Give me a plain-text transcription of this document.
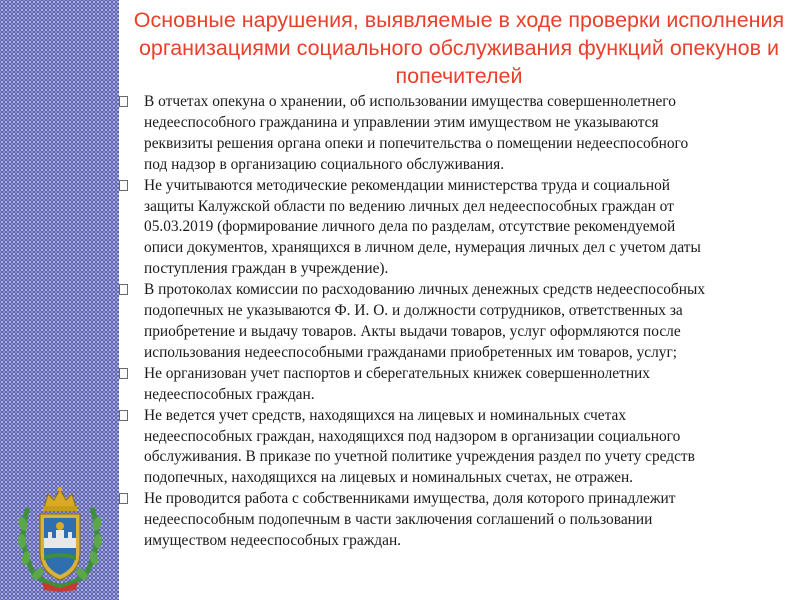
Основные нарушения, выявляемые в ходе проверки исполнения
организациями социального обслуживания функций опекунов и
попечителей
В отчетах опекуна о хранении, об использовании имущества совершеннолетнего
недееспособного гражданина и управлении этим имуществом не указываются
реквизиты решения органа опеки и попечительства о помещении недееспособного
под надзор в организацию социального обслуживания.
Не учитываются методические рекомендации министерства труда и социальной
защиты Калужской области по ведению личных дел недееспособных граждан от
05.03.2019 (формирование личного дела по разделам, отсутствие рекомендуемой
описи документов, хранящихся в личном деле, нумерация личных дел с учетом даты
поступления граждан в учреждение).
В протоколах комиссии по расходованию личных денежных средств недееспособных
подопечных не указываются Ф. И. О. и должности сотрудников, ответственных за
приобретение и выдачу товаров. Акты выдачи товаров, услуг оформляются после
использования недееспособными гражданами приобретенных им товаров, услуг;
Не организован учет паспортов и сберегательных книжек совершеннолетних
недееспособных граждан.
Не ведется учет средств, находящихся на лицевых и номинальных счетах
недееспособных граждан, находящихся под надзором в организации социального
обслуживания. В приказе по учетной политике учреждения раздел по учету средств
подопечных, находящихся на лицевых и номинальных счетах, не отражен.
Не проводится работа с собственниками имущества, доля которого принадлежит
недееспособным подопечным в части заключения соглашений о пользовании
имуществом недееспособных граждан.
